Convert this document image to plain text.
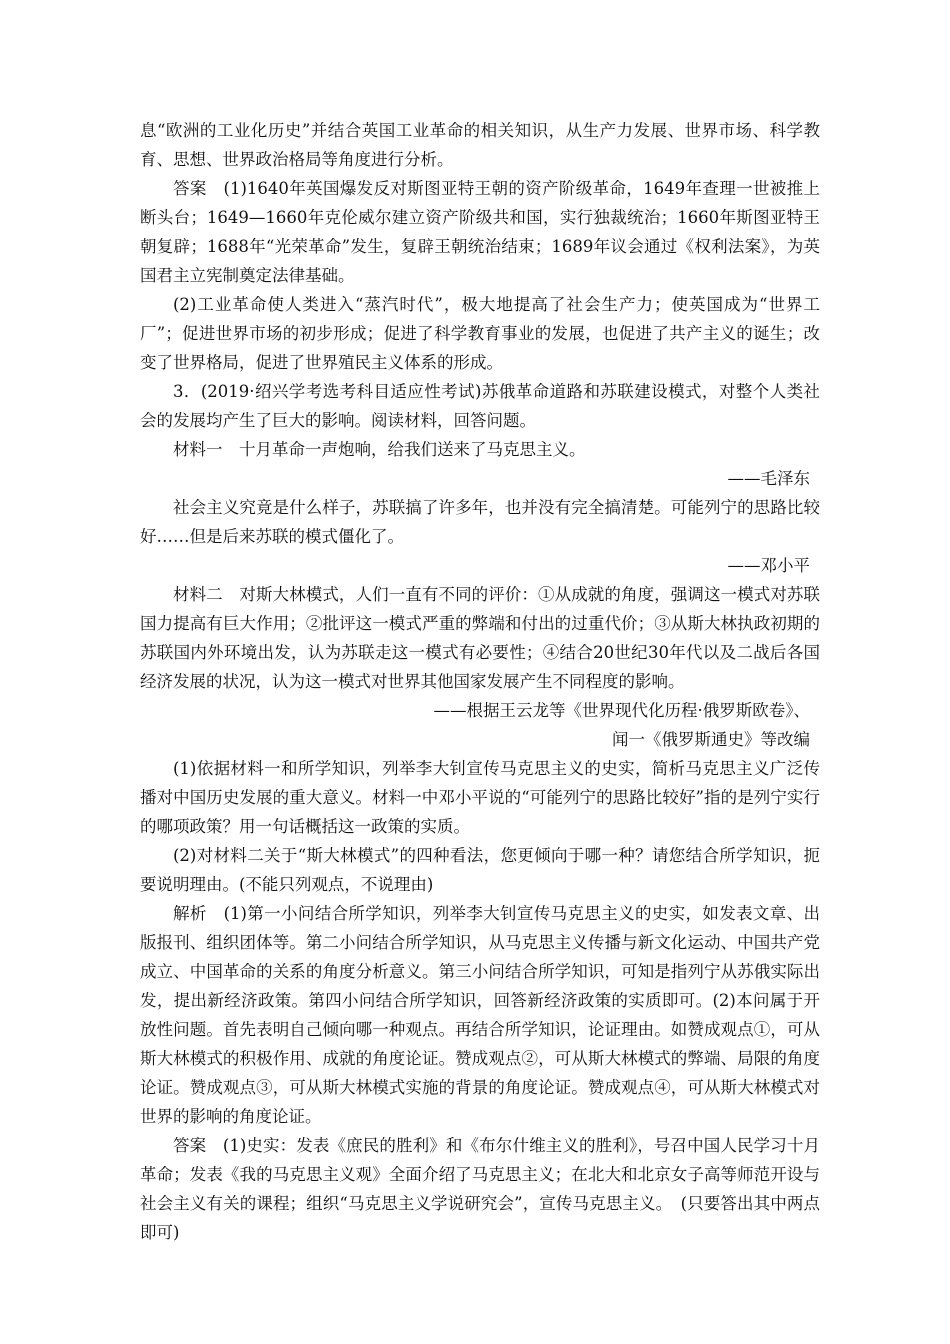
息“欧洲的工业化历史”并结合英国工业革命的相关知识，从生产力发展、世界市场、科学教育、思想、世界政治格局等角度进行分析。

答案　(1)1640年英国爆发反对斯图亚特王朝的资产阶级革命，1649年查理一世被推上断头台；1649—1660年克伦威尔建立资产阶级共和国，实行独裁统治；1660年斯图亚特王朝复辟；1688年“光荣革命”发生，复辟王朝统治结束；1689年议会通过《权利法案》，为英国君主立宪制奠定法律基础。

(2)工业革命使人类进入“蒸汽时代”，极大地提高了社会生产力；使英国成为“世界工厂”；促进世界市场的初步形成；促进了科学教育事业的发展，也促进了共产主义的诞生；改变了世界格局，促进了世界殖民主义体系的形成。

3．(2019·绍兴学考选考科目适应性考试)苏俄革命道路和苏联建设模式，对整个人类社会的发展均产生了巨大的影响。阅读材料，回答问题。

材料一　十月革命一声炮响，给我们送来了马克思主义。

——毛泽东

社会主义究竟是什么样子，苏联搞了许多年，也并没有完全搞清楚。可能列宁的思路比较好……但是后来苏联的模式僵化了。

——邓小平

材料二　对斯大林模式，人们一直有不同的评价：①从成就的角度，强调这一模式对苏联国力提高有巨大作用；②批评这一模式严重的弊端和付出的过重代价；③从斯大林执政初期的苏联国内外环境出发，认为苏联走这一模式有必要性；④结合20世纪30年代以及二战后各国经济发展的状况，认为这一模式对世界其他国家发展产生不同程度的影响。

——根据王云龙等《世界现代化历程·俄罗斯欧卷》、

闻一《俄罗斯通史》等改编

(1)依据材料一和所学知识，列举李大钊宣传马克思主义的史实，简析马克思主义广泛传播对中国历史发展的重大意义。材料一中邓小平说的“可能列宁的思路比较好”指的是列宁实行的哪项政策？用一句话概括这一政策的实质。

(2)对材料二关于“斯大林模式”的四种看法，您更倾向于哪一种？请您结合所学知识，扼要说明理由。(不能只列观点，不说理由)

解析　(1)第一小问结合所学知识，列举李大钊宣传马克思主义的史实，如发表文章、出版报刊、组织团体等。第二小问结合所学知识，从马克思主义传播与新文化运动、中国共产党成立、中国革命的关系的角度分析意义。第三小问结合所学知识，可知是指列宁从苏俄实际出发，提出新经济政策。第四小问结合所学知识，回答新经济政策的实质即可。(2)本问属于开放性问题。首先表明自己倾向哪一种观点。再结合所学知识，论证理由。如赞成观点①，可从斯大林模式的积极作用、成就的角度论证。赞成观点②，可从斯大林模式的弊端、局限的角度论证。赞成观点③，可从斯大林模式实施的背景的角度论证。赞成观点④，可从斯大林模式对世界的影响的角度论证。

答案　(1)史实：发表《庶民的胜利》和《布尔什维主义的胜利》，号召中国人民学习十月革命；发表《我的马克思主义观》全面介绍了马克思主义；在北大和北京女子高等师范开设与社会主义有关的课程；组织“马克思主义学说研究会”，宣传马克思主义。　(只要答出其中两点即可)
